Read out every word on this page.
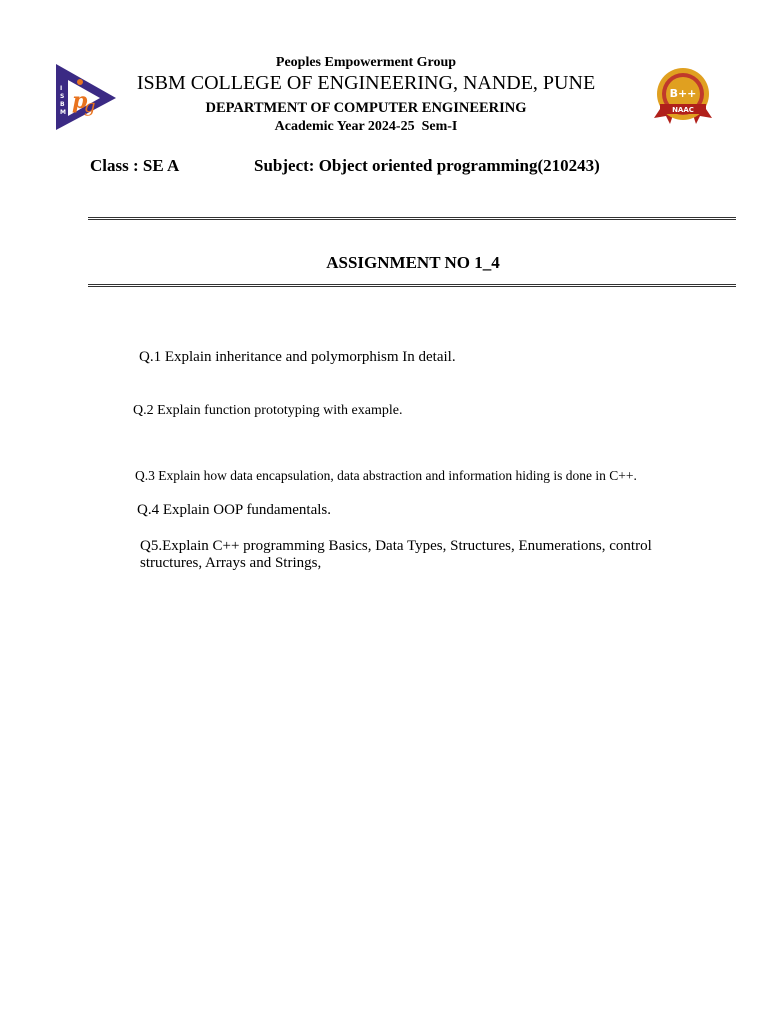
I
S
B
M p
g
B++
NAAC
Peoples Empowerment Group
ISBM COLLEGE OF ENGINEERING, NANDE, PUNE
DEPARTMENT OF COMPUTER ENGINEERING
Academic Year 2024-25  Sem-I
Class : SE A	Subject: Object oriented programming(210243)
ASSIGNMENT NO 1_4
Q.1 Explain inheritance and polymorphism In detail.
Q.2 Explain function prototyping with example.
Q.3 Explain how data encapsulation, data abstraction and information hiding is done in C++.
Q.4 Explain OOP fundamentals.
Q5.Explain C++ programming Basics, Data Types, Structures, Enumerations, control structures, Arrays and Strings,
